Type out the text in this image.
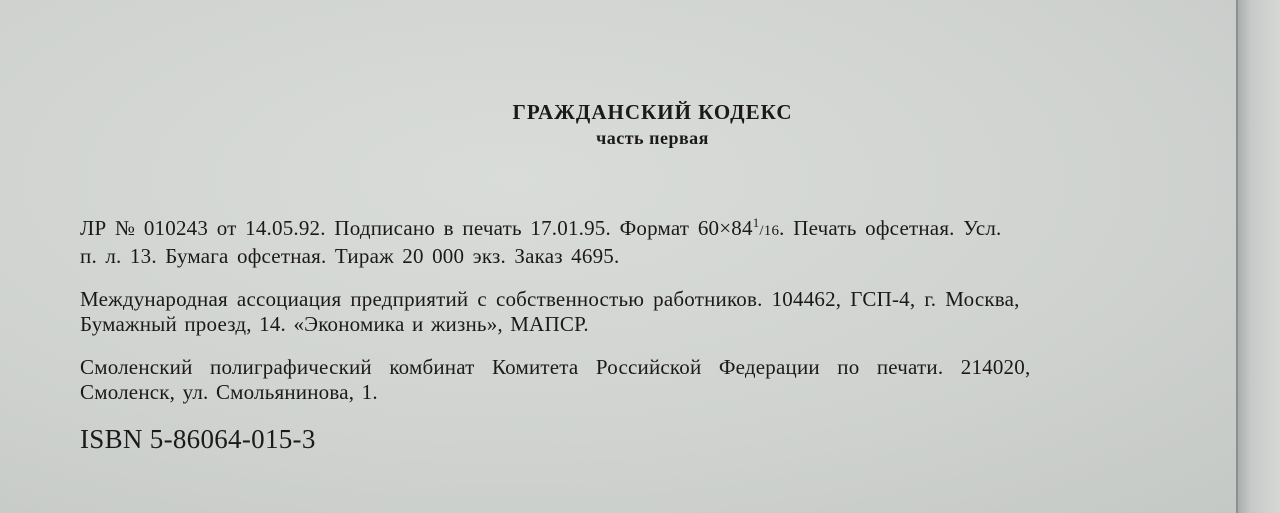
ГРАЖДАНСКИЙ КОДЕКС
часть первая
ЛР № 010243 от 14.05.92. Подписано в печать 17.01.95. Формат $60\times 84^1/16$. Печать офсетная. Усл.
п. л. 13. Бумага офсетная. Тираж 20 000 экз. Заказ 4695.
Международная ассоциация предприятий с собственностью работников. 104462, ГСП-4, г. Москва,
Бумажный проезд, 14. «Экономика и жизнь», МАПСР.
Смоленский полиграфический комбинат Комитета Российской Федерации по печати. 214020,
Смоленск, ул. Смольянинова, 1.
ISBN 5-86064-015-3
